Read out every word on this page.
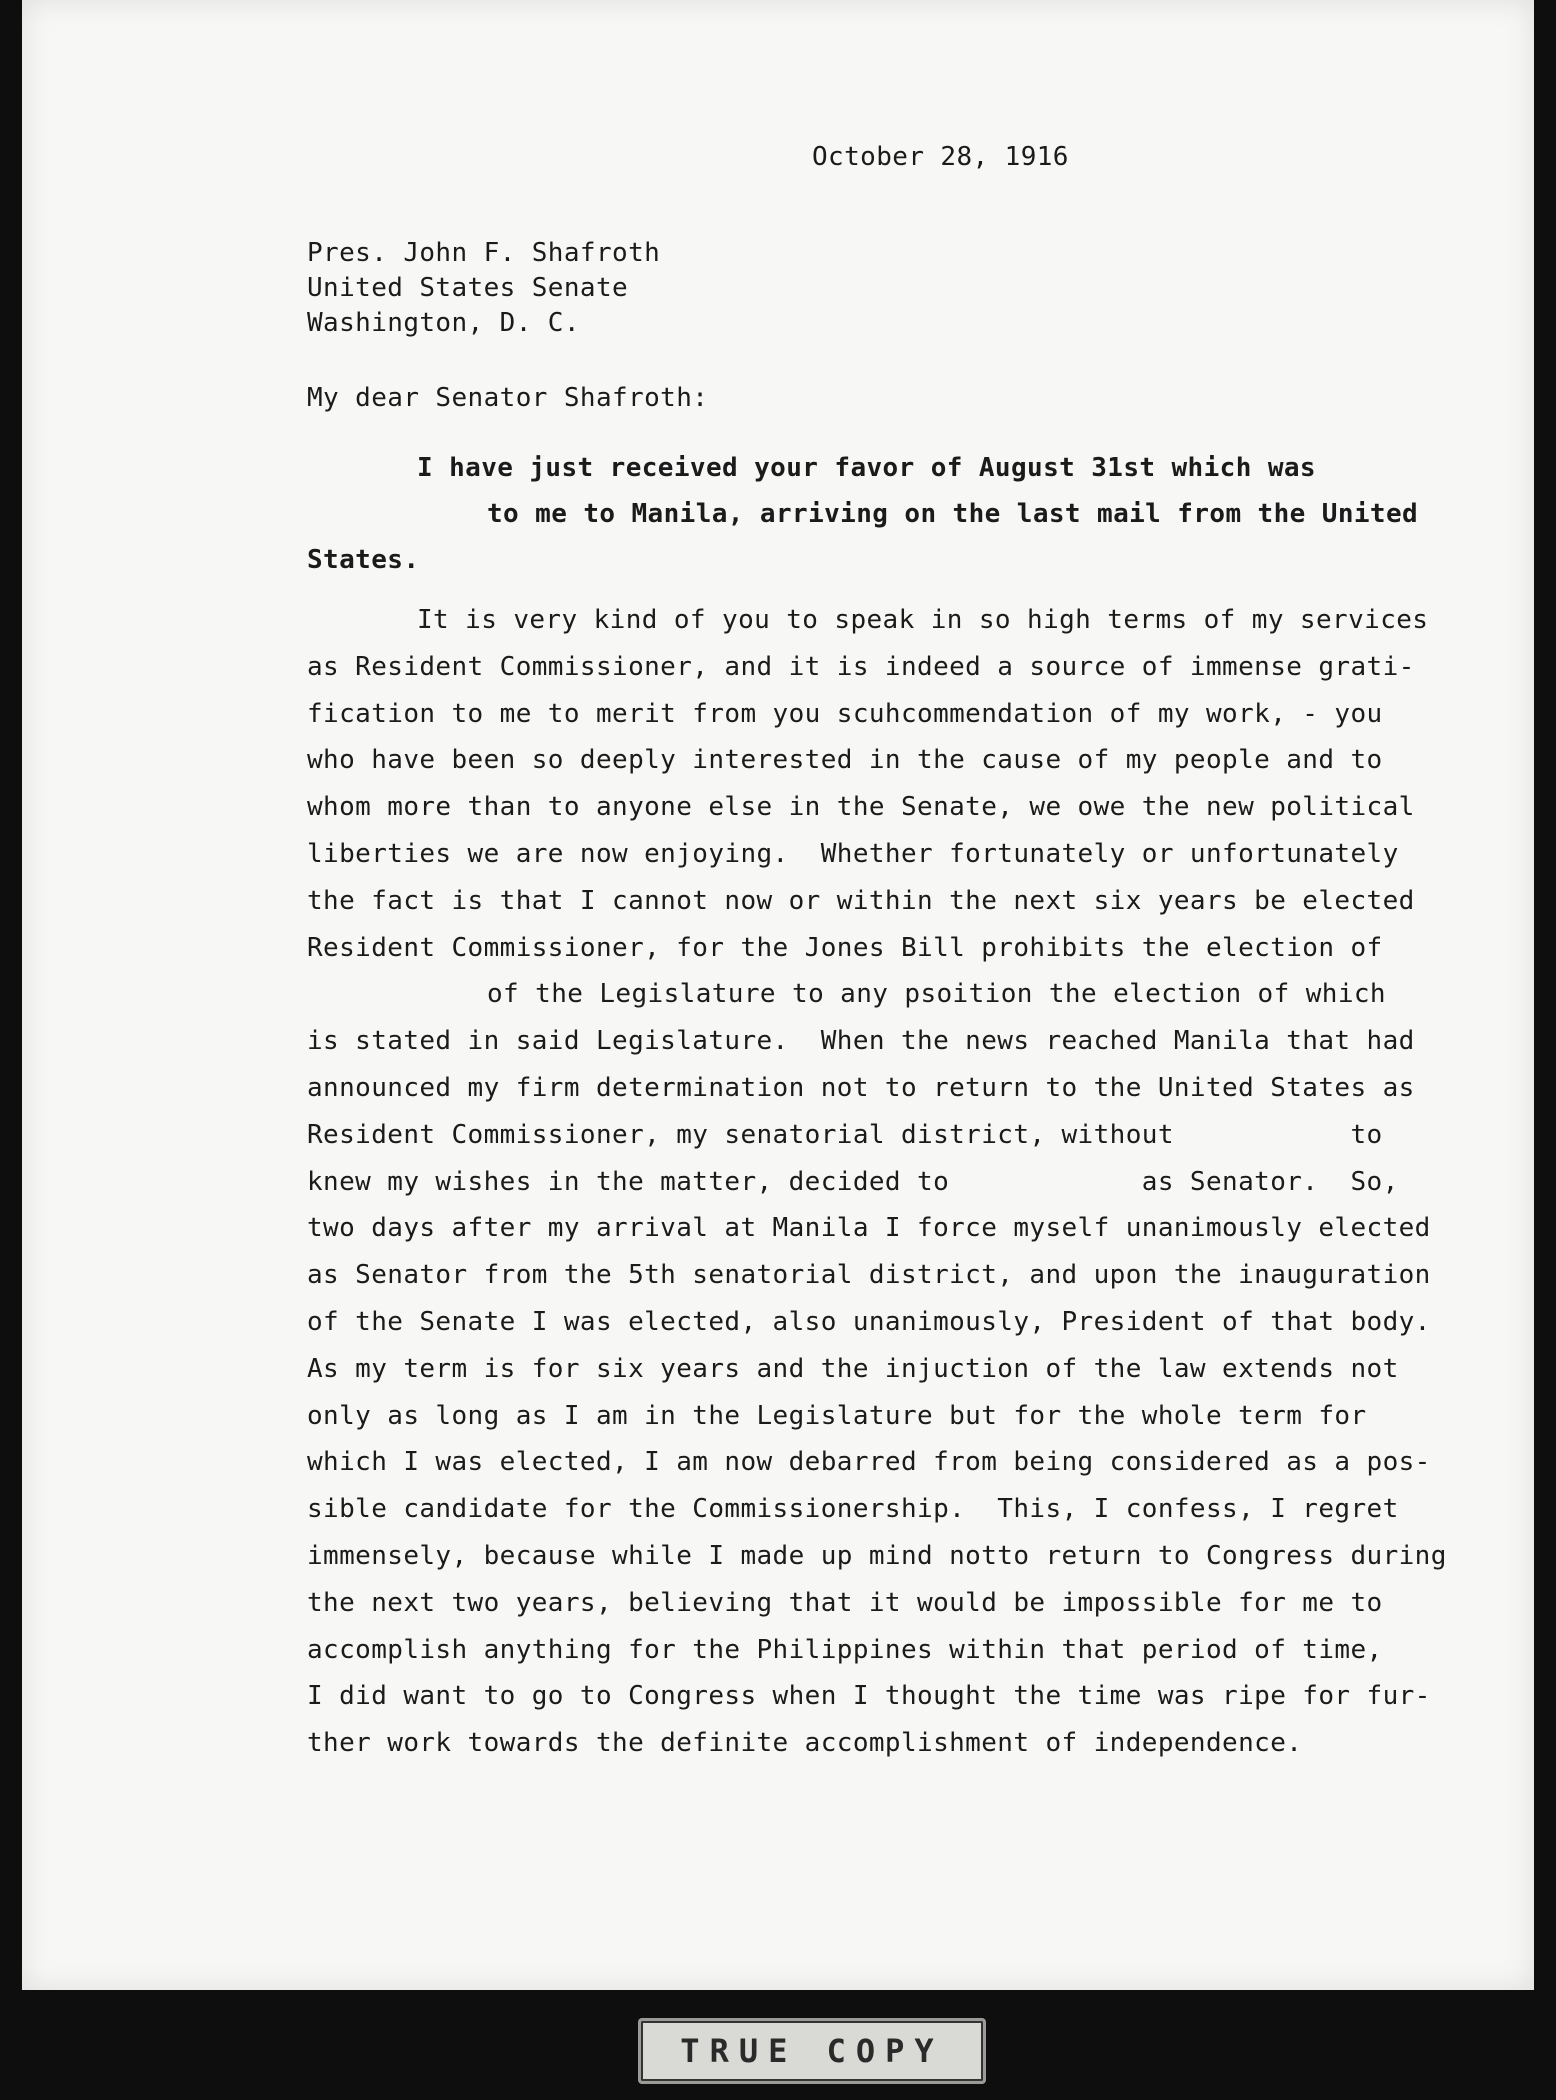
October 28, 1916
Pres. John F. Shafroth
United States Senate
Washington, D. C.
My dear Senator Shafroth:
I have just received your favor of August 31st which was
to me to Manila, arriving on the last mail from the United
States.
It is very kind of you to speak in so high terms of my services
as Resident Commissioner, and it is indeed a source of immense grati-
fication to me to merit from you scuhcommendation of my work, - you
who have been so deeply interested in the cause of my people and to
whom more than to anyone else in the Senate, we owe the new political
liberties we are now enjoying.  Whether fortunately or unfortunately
the fact is that I cannot now or within the next six years be elected
Resident Commissioner, for the Jones Bill prohibits the election of
of the Legislature to any psoition the election of which
is stated in said Legislature.  When the news reached Manila that had
announced my firm determination not to return to the United States as
Resident Commissioner, my senatorial district, without           to
knew my wishes in the matter, decided to            as Senator.  So,
two days after my arrival at Manila I force myself unanimously elected
as Senator from the 5th senatorial district, and upon the inauguration
of the Senate I was elected, also unanimously, President of that body.
As my term is for six years and the injuction of the law extends not
only as long as I am in the Legislature but for the whole term for
which I was elected, I am now debarred from being considered as a pos-
sible candidate for the Commissionership.  This, I confess, I regret
immensely, because while I made up mind notto return to Congress during
the next two years, believing that it would be impossible for me to
accomplish anything for the Philippines within that period of time,
I did want to go to Congress when I thought the time was ripe for fur-
ther work towards the definite accomplishment of independence.
TRUE COPY
